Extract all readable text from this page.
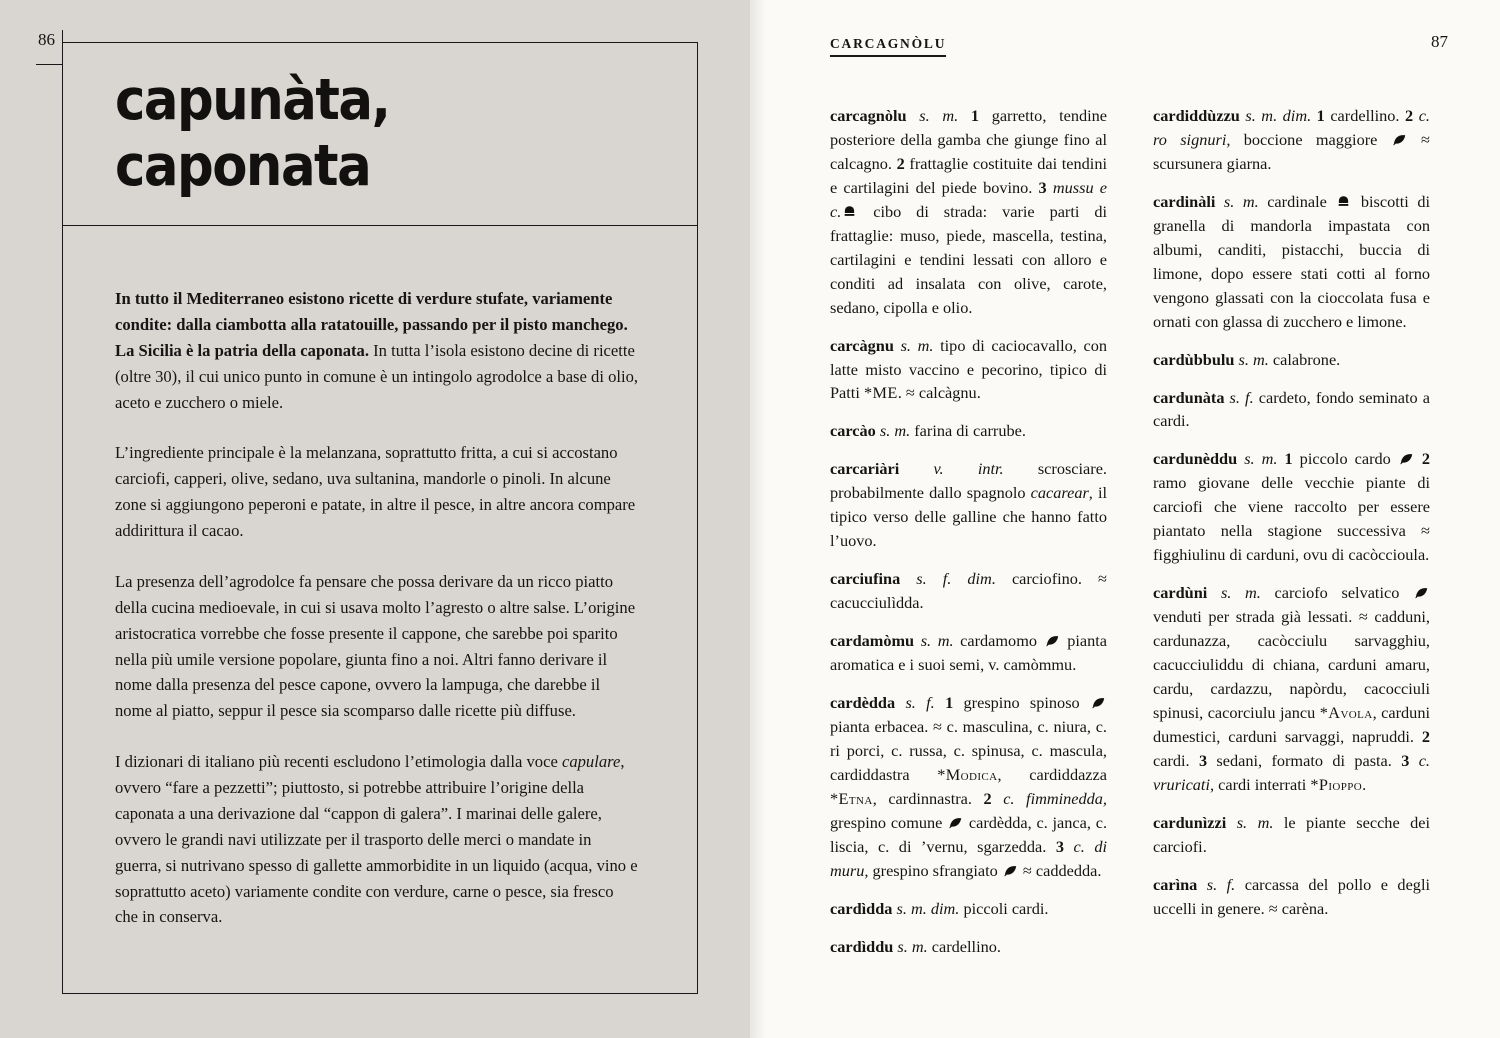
86
capunàta,
caponata

In tutto il Mediterraneo esistono ricette di verdure stufate, variamente condite: dalla ciambotta alla ratatouille, passando per il pisto manchego. La Sicilia è la patria della caponata. In tutta l’isola esistono decine di ricette (oltre 30), il cui unico punto in comune è un intingolo agrodolce a base di olio, aceto e zucchero o miele.

L’ingrediente principale è la melanzana, soprattutto fritta, a cui si accostano carciofi, capperi, olive, sedano, uva sultanina, mandorle o pinoli. In alcune zone si aggiungono peperoni e patate, in altre il pesce, in altre ancora compare addirittura il cacao.

La presenza dell’agrodolce fa pensare che possa derivare da un ricco piatto della cucina medioevale, in cui si usava molto l’agresto o altre salse. L’origine aristocratica vorrebbe che fosse presente il cappone, che sarebbe poi sparito nella più umile versione popolare, giunta fino a noi. Altri fanno derivare il nome dalla presenza del pesce capone, ovvero la lampuga, che darebbe il nome al piatto, seppur il pesce sia scomparso dalle ricette più diffuse.

I dizionari di italiano più recenti escludono l’etimologia dalla voce capulare, ovvero “fare a pezzetti”; piuttosto, si potrebbe attribuire l’origine della caponata a una derivazione dal “cappon di galera”. I marinai delle galere, ovvero le grandi navi utilizzate per il trasporto delle merci o mandate in guerra, si nutrivano spesso di gallette ammorbidite in un liquido (acqua, vino e soprattutto aceto) variamente condite con verdure, carne o pesce, sia fresco che in conserva.

CARCAGNÒLU	87
carcagnòlu s. m. 1 garretto, tendine posteriore della gamba che giunge fino al calcagno. 2 frattaglie costituite dai tendini e cartilagini del piede bovino. 3 mussu e c.
cibo di strada: varie parti di frattaglie: muso, piede, mascella, testina, cartilagini e tendini lessati con alloro e conditi ad insalata con olive, carote, sedano, cipolla e olio.
carcàgnu s. m. tipo di caciocavallo, con latte misto vaccino e pecorino, tipico di Patti *ME. ≈ calcàgnu.
carcào s. m. farina di carrube.
carcariàri v. intr. scrosciare. probabilmente dallo spagnolo cacarear, il tipico verso delle galline che hanno fatto l’uovo.
carciufina s. f. dim. carciofino. ≈ cacucciulìdda.
cardamòmu s. m. cardamomo
pianta aromatica e i suoi semi, v. camòmmu.
cardèdda s. f. 1 grespino spinoso
pianta erbacea. ≈ c. masculina, c. niura, c. ri porci, c. russa, c. spinusa, c. mascula, cardiddastra *Modica, cardiddazza *Etna, cardinnastra. 2 c. fimminedda, grespino comune
cardèdda, c. janca, c. liscia, c. di ’vernu, sgarzedda. 3 c. di muru, grespino sfrangiato
≈ caddedda.
cardìdda s. m. dim. piccoli cardi.
cardìddu s. m. cardellino.
cardiddùzzu s. m. dim. 1 cardellino. 2 c. ro signuri, boccione maggiore
≈ scursunera giarna.
cardinàli s. m. cardinale
biscotti di granella di mandorla impastata con albumi, canditi, pistacchi, buccia di limone, dopo essere stati cotti al forno vengono glassati con la cioccolata fusa e ornati con glassa di zucchero e limone.
cardùbbulu s. m. calabrone.
cardunàta s. f. cardeto, fondo seminato a cardi.
cardunèddu s. m. 1 piccolo cardo
2 ramo giovane delle vecchie piante di carciofi che viene raccolto per essere piantato nella stagione successiva ≈ figghiulinu di carduni, ovu di cacòccioula.
cardùni s. m. carciofo selvatico
venduti per strada già lessati. ≈ cadduni, cardunazza, cacòcciulu sarvagghiu, cacucciuliddu di chiana, carduni amaru, cardu, cardazzu, napòrdu, cacocciuli spinusi, cacorciulu jancu *Avola, carduni dumestici, carduni sarvaggi, napruddi. 2 cardi. 3 sedani, formato di pasta. 3 c. vruricati, cardi interrati *Pioppo.
cardunìzzi s. m. le piante secche dei carciofi.
carìna s. f. carcassa del pollo e degli uccelli in genere. ≈ carèna.
